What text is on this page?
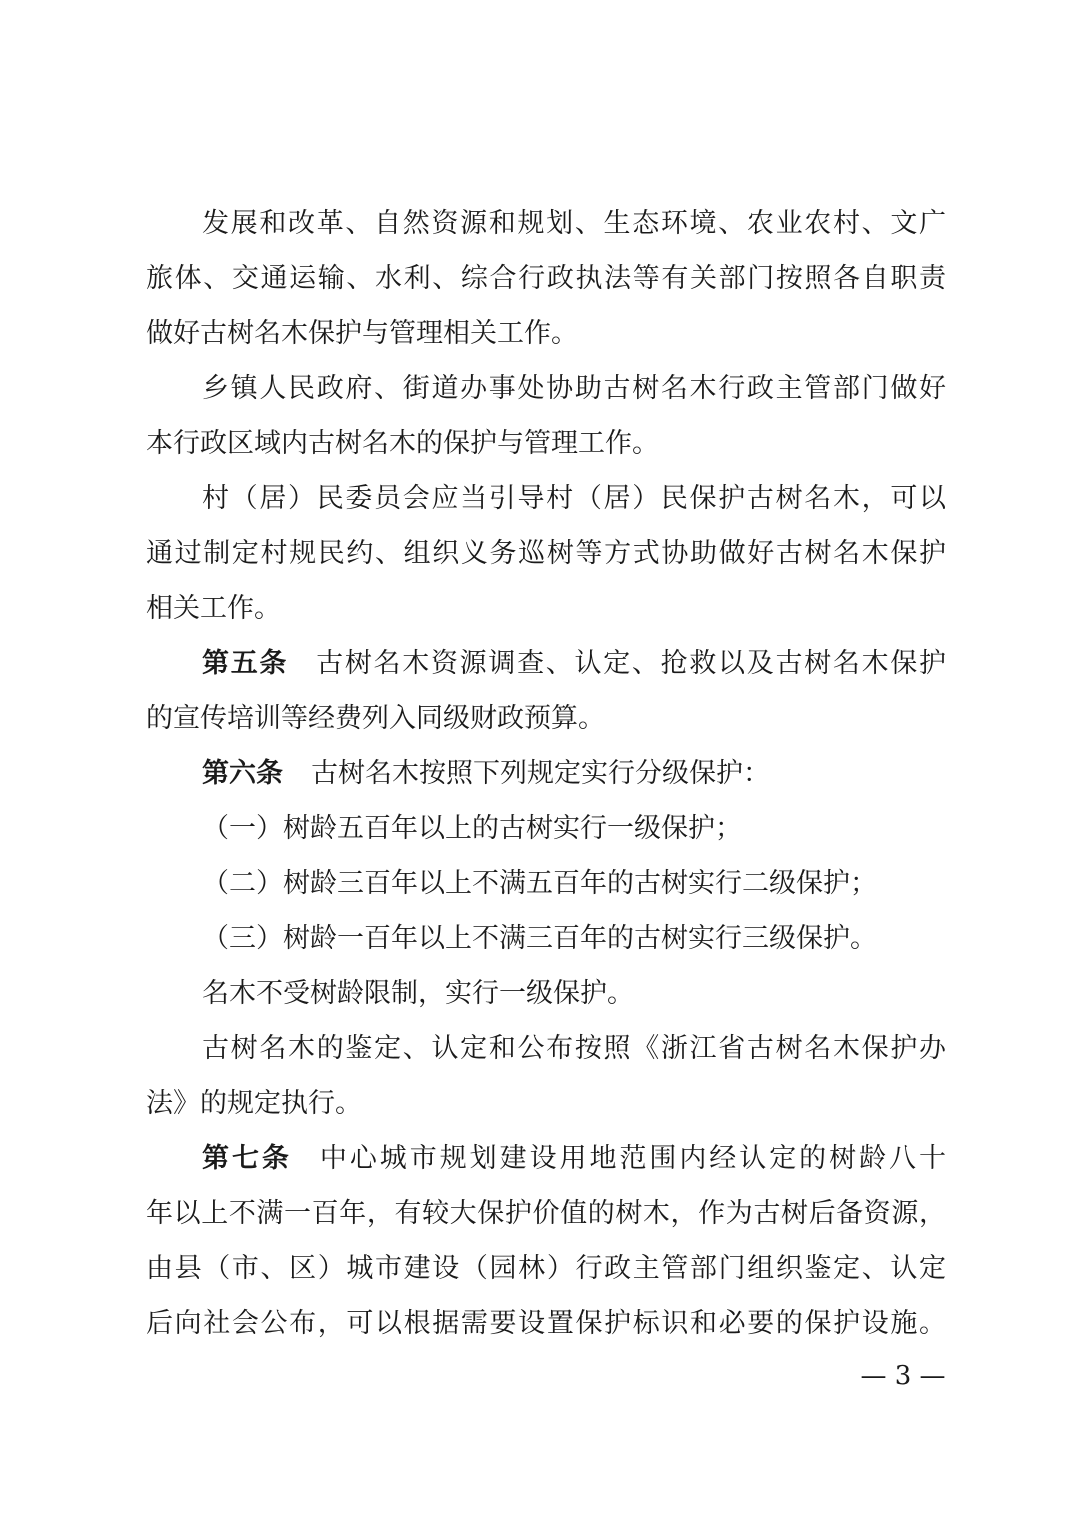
发展和改革、自然资源和规划、生态环境、农业农村、文广
旅体、交通运输、水利、综合行政执法等有关部门按照各自职责
做好古树名木保护与管理相关工作。
乡镇人民政府、街道办事处协助古树名木行政主管部门做好
本行政区域内古树名木的保护与管理工作。
村（居）民委员会应当引导村（居）民保护古树名木，可以
通过制定村规民约、组织义务巡树等方式协助做好古树名木保护
相关工作。
第五条 古树名木资源调查、认定、抢救以及古树名木保护
的宣传培训等经费列入同级财政预算。
第六条 古树名木按照下列规定实行分级保护：
（一）树龄五百年以上的古树实行一级保护；
（二）树龄三百年以上不满五百年的古树实行二级保护；
（三）树龄一百年以上不满三百年的古树实行三级保护。
名木不受树龄限制，实行一级保护。
古树名木的鉴定、认定和公布按照《浙江省古树名木保护办
法》的规定执行。
第七条 中心城市规划建设用地范围内经认定的树龄八十
年以上不满一百年，有较大保护价值的树木，作为古树后备资源，
由县（市、区）城市建设（园林）行政主管部门组织鉴定、认定
后向社会公布，可以根据需要设置保护标识和必要的保护设施。
— 3 —
